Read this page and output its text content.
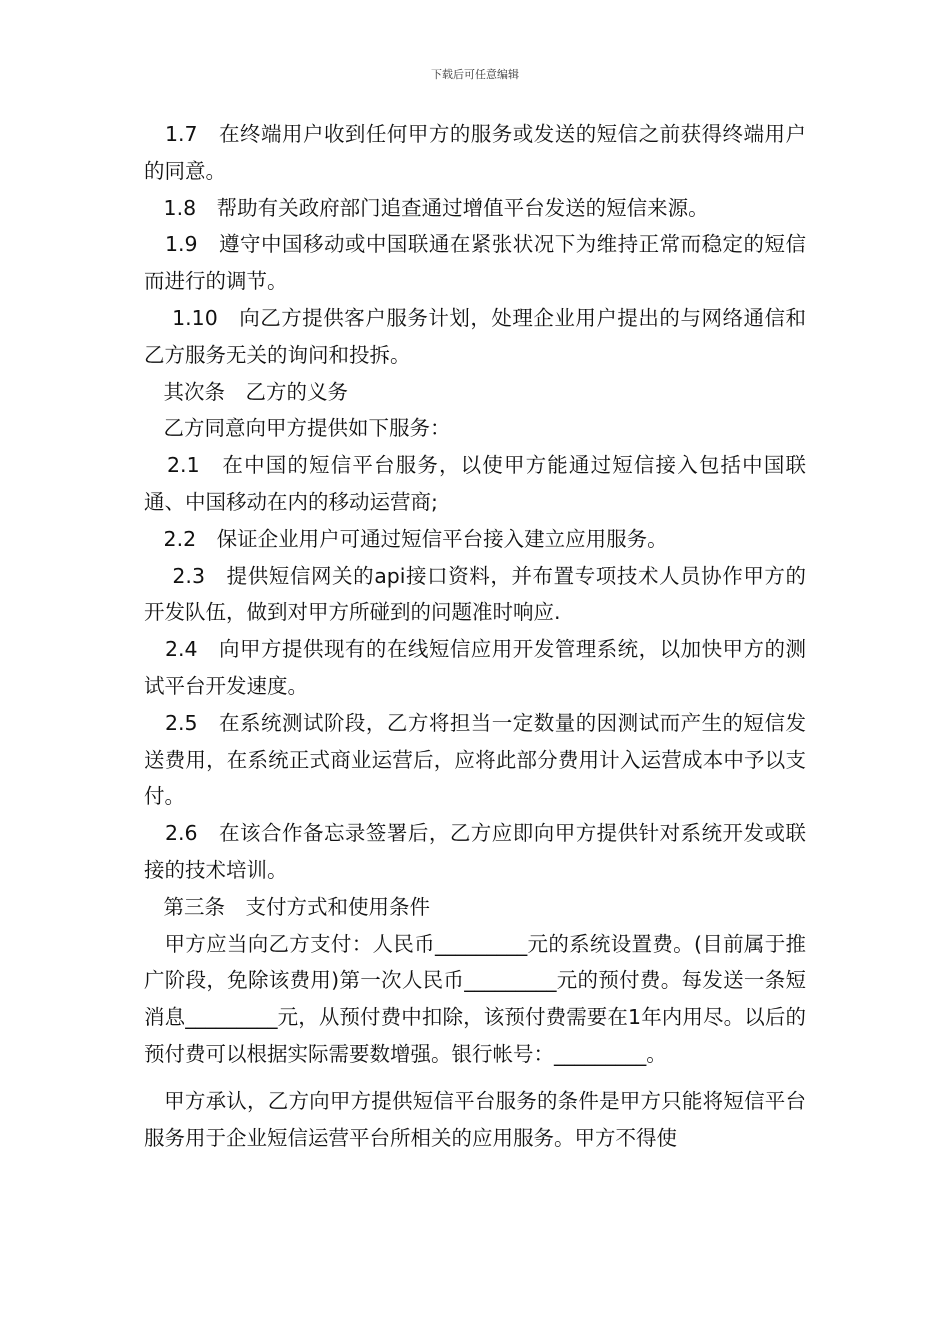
下载后可任意编辑

1.7　在终端用户收到任何甲方的服务或发送的短信之前获得终端用户的同意。

1.8　帮助有关政府部门追查通过增值平台发送的短信来源。

1.9　遵守中国移动或中国联通在紧张状况下为维持正常而稳定的短信而进行的调节。

1.10　向乙方提供客户服务计划，处理企业用户提出的与网络通信和乙方服务无关的询问和投拆。

其次条　乙方的义务

乙方同意向甲方提供如下服务：

2.1　在中国的短信平台服务，以使甲方能通过短信接入包括中国联通、中国移动在内的移动运营商;

2.2　保证企业用户可通过短信平台接入建立应用服务。

2.3　提供短信网关的api接口资料，并布置专项技术人员协作甲方的开发队伍，做到对甲方所碰到的问题准时响应.

2.4　向甲方提供现有的在线短信应用开发管理系统，以加快甲方的测试平台开发速度。

2.5　在系统测试阶段，乙方将担当一定数量的因测试而产生的短信发送费用，在系统正式商业运营后，应将此部分费用计入运营成本中予以支付。

2.6　在该合作备忘录签署后，乙方应即向甲方提供针对系统开发或联接的技术培训。

第三条　支付方式和使用条件

甲方应当向乙方支付：人民币_________元的系统设置费。(目前属于推广阶段，免除该费用)第一次人民币_________元的预付费。每发送一条短消息_________元，从预付费中扣除，该预付费需要在1年内用尽。以后的预付费可以根据实际需要数增强。银行帐号：_________。

甲方承认，乙方向甲方提供短信平台服务的条件是甲方只能将短信平台服务用于企业短信运营平台所相关的应用服务。甲方不得使
